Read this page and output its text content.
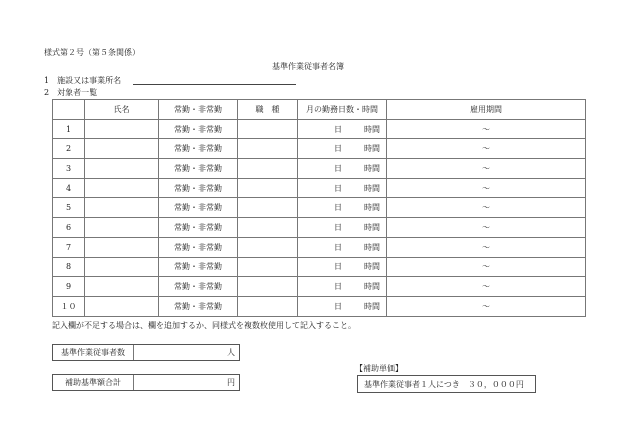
様式第２号（第５条関係）
基準作業従事者名簿
1　 施設又は事業所名
2　 対象者一覧
	氏名	常勤・非常勤	職　種	月の勤務日数・時間	雇用期間
1		常勤・非常勤		日 時間	～
2		常勤・非常勤		日 時間	～
3		常勤・非常勤		日 時間	～
4		常勤・非常勤		日 時間	～
5		常勤・非常勤		日 時間	～
6		常勤・非常勤		日 時間	～
7		常勤・非常勤		日 時間	～
8		常勤・非常勤		日 時間	～
9		常勤・非常勤		日 時間	～
１０		常勤・非常勤		日 時間	～
記入欄が不足する場合は、欄を追加するか、同様式を複数枚使用して記入すること。
基準作業従事者数	人
補助基準額合計	円
【補助単価】
基準作業従事者１人につき　３０，０００円
